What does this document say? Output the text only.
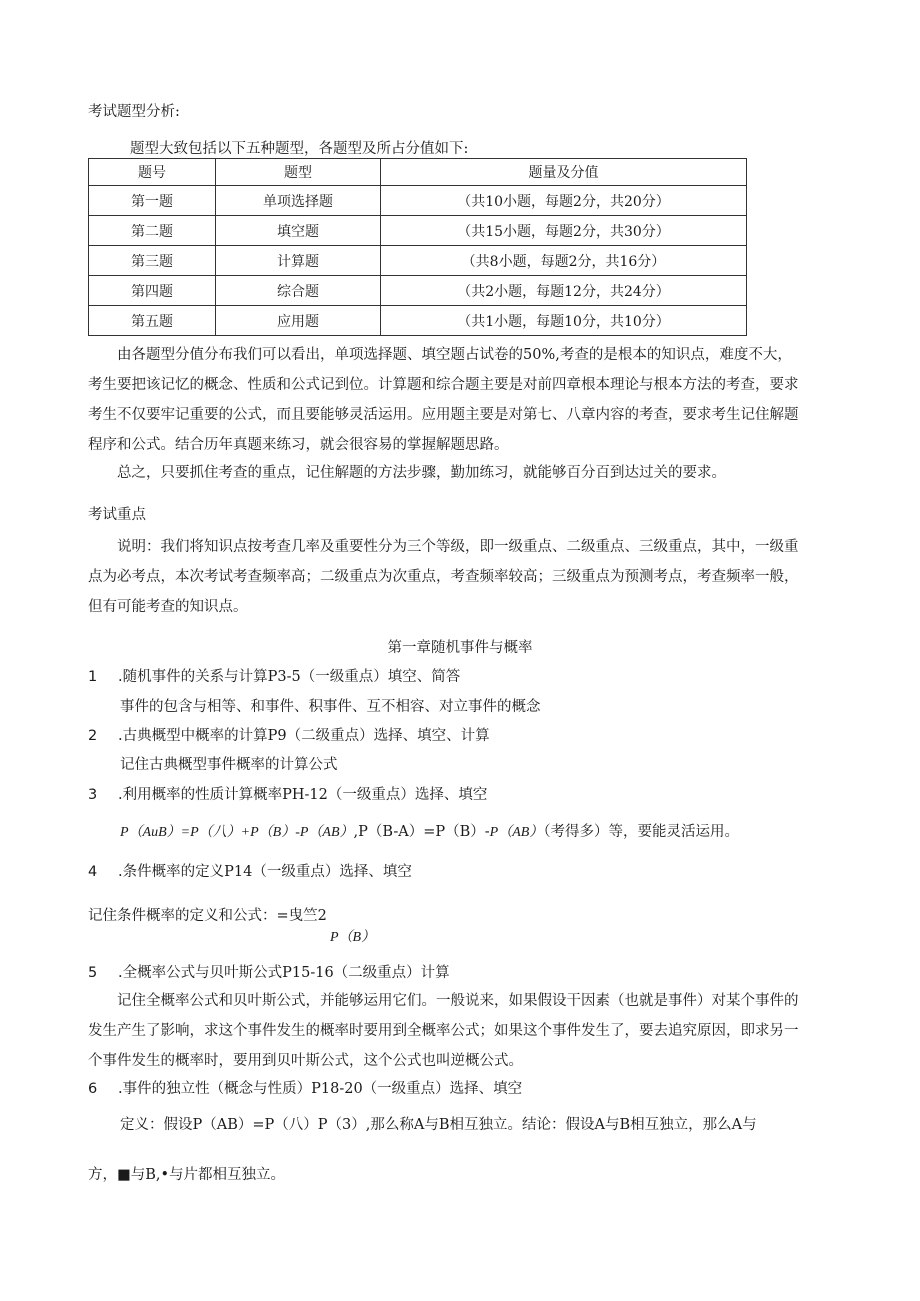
考试题型分析:
题型大致包括以下五种题型，各题型及所占分值如下:
题号	题型	题量及分值
第一题	单项选择题	（共10小题，每题2分，共20分）
第二题	填空题	（共15小题，每题2分，共30分）
第三题	计算题	（共8小题，每题2分，共16分）
第四题	综合题	（共2小题，每题12分，共24分）
第五题	应用题	（共1小题，每题10分，共10分）
由各题型分值分布我们可以看出，单项选择题、填空题占试卷的50%,考查的是根本的知识点，难度不大，考生要把该记忆的概念、性质和公式记到位。计算题和综合题主要是对前四章根本理论与根本方法的考查，要求考生不仅要牢记重要的公式，而且要能够灵活运用。应用题主要是对第七、八章内容的考查，要求考生记住解题程序和公式。结合历年真题来练习，就会很容易的掌握解题思路。
总之，只要抓住考查的重点，记住解题的方法步骤，勤加练习，就能够百分百到达过关的要求。
考试重点
说明：我们将知识点按考查几率及重要性分为三个等级，即一级重点、二级重点、三级重点，其中，一级重点为必考点，本次考试考查频率高；二级重点为次重点，考查频率较高；三级重点为预测考点，考查频率一般，但有可能考查的知识点。
第一章随机事件与概率
1 .随机事件的关系与计算P3-5（一级重点）填空、简答
事件的包含与相等、和事件、积事件、互不相容、对立事件的概念
2 .古典概型中概率的计算P9（二级重点）选择、填空、计算
记住古典概型事件概率的计算公式
3 .利用概率的性质计算概率PH-12（一级重点）选择、填空
P（AuB）=P（八）+P（B）-P（AB）,P（B-A）=P（B）-P（AB）（考得多）等，要能灵活运用。
4 .条件概率的定义P14（一级重点）选择、填空
记住条件概率的定义和公式：=曳竺2
P（B）
5 .全概率公式与贝叶斯公式P15-16（二级重点）计算
记住全概率公式和贝叶斯公式，并能够运用它们。一般说来，如果假设干因素（也就是事件）对某个事件的发生产生了影响，求这个事件发生的概率时要用到全概率公式；如果这个事件发生了，要去追究原因，即求另一个事件发生的概率时，要用到贝叶斯公式，这个公式也叫逆概公式。
6 .事件的独立性（概念与性质）P18-20（一级重点）选择、填空
定义：假设P（AB）=P（八）P（3）,那么称A与B相互独立。结论：假设A与B相互独立，那么A与
方，■与B,•与片都相互独立。
